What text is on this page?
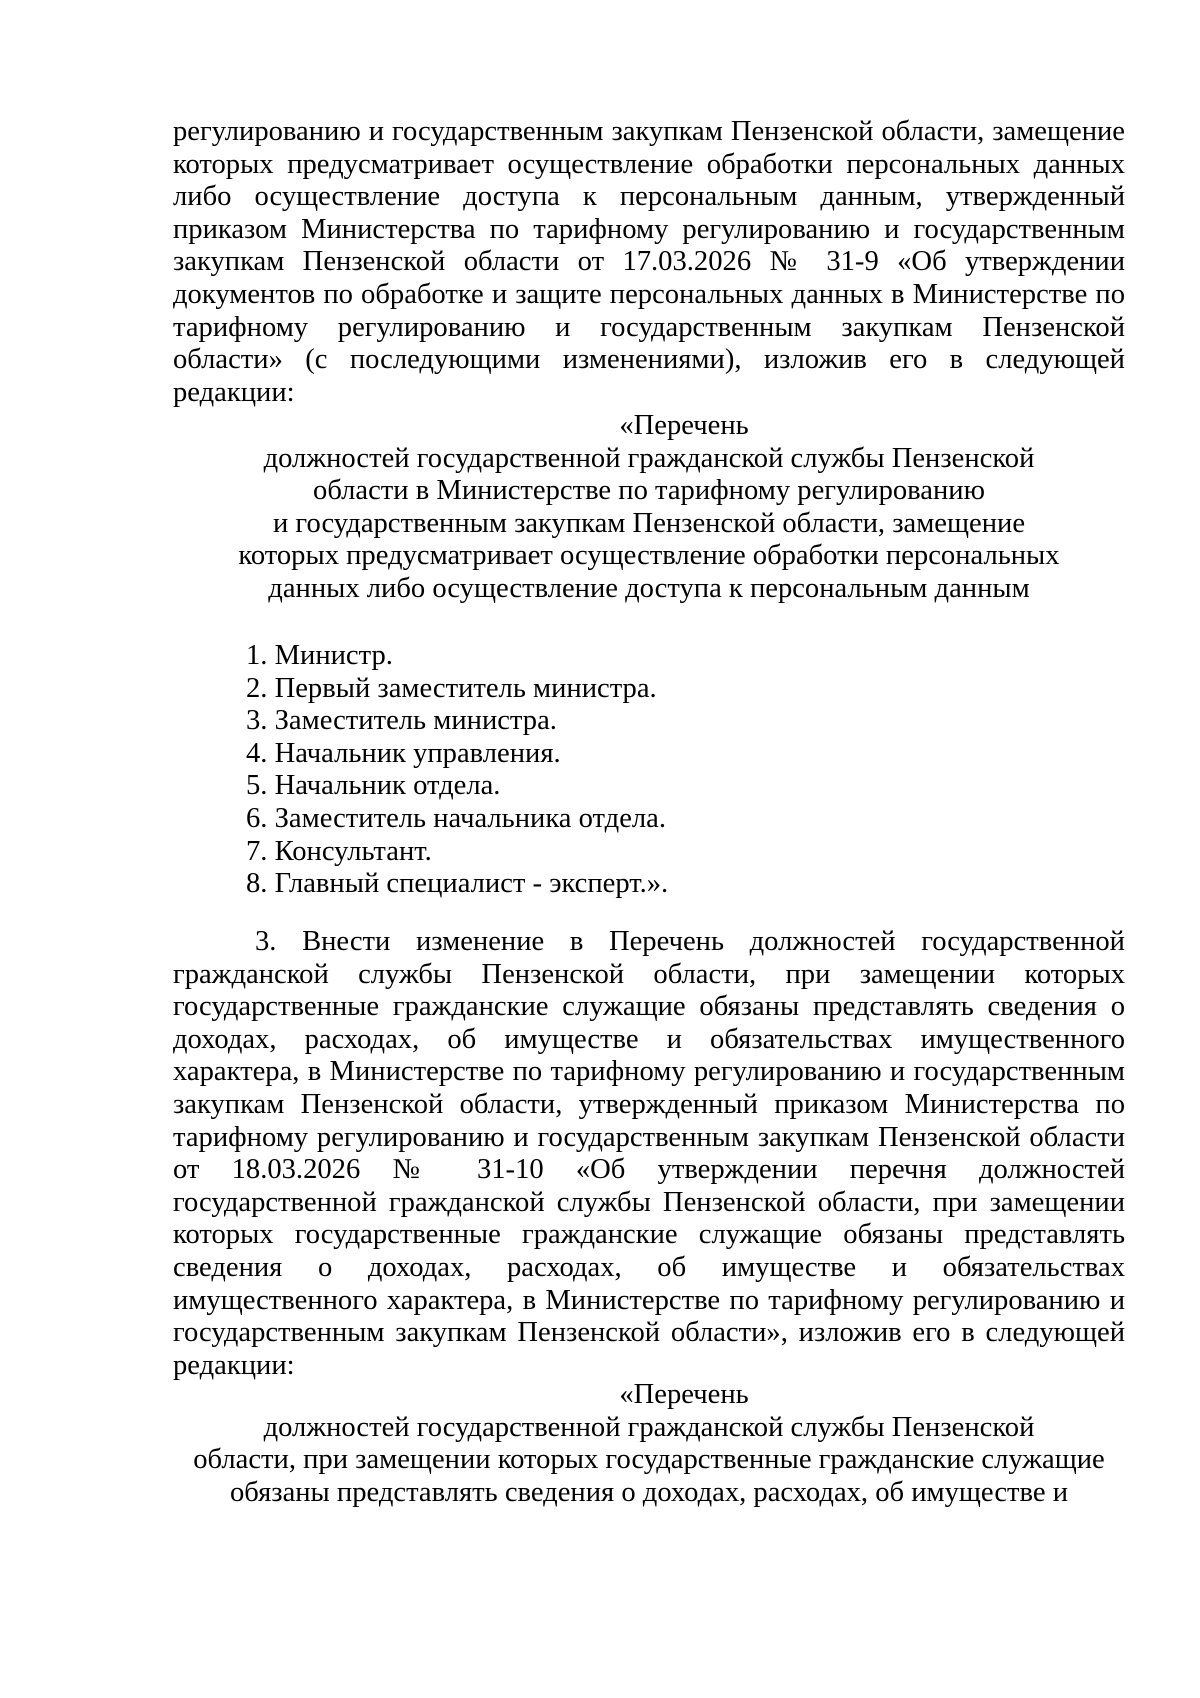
регулированию и государственным закупкам Пензенской области, замещение которых предусматривает осуществление обработки персональных данных либо осуществление доступа к персональным данным, утвержденный приказом Министерства по тарифному регулированию и государственным закупкам Пензенской области от 17.03.2026 № 31-9 «Об утверждении документов по обработке и защите персональных данных в Министерстве по тарифному регулированию и государственным закупкам Пензенской области» (с последующими изменениями), изложив его в следующей редакции:

«Перечень
должностей государственной гражданской службы Пензенской
области в Министерстве по тарифному регулированию
и государственным закупкам Пензенской области, замещение
которых предусматривает осуществление обработки персональных
данных либо осуществление доступа к персональным данным
1. Министр.
2. Первый заместитель министра.
3. Заместитель министра.
4. Начальник управления.
5. Начальник отдела.
6. Заместитель начальника отдела.
7. Консультант.
8. Главный специалист - эксперт.».

3. Внести изменение в Перечень должностей государственной гражданской службы Пензенской области, при замещении которых государственные гражданские служащие обязаны представлять сведения о доходах, расходах, об имуществе и обязательствах имущественного характера, в Министерстве по тарифному регулированию и государственным закупкам Пензенской области, утвержденный приказом Министерства по тарифному регулированию и государственным закупкам Пензенской области от 18.03.2026 № 31-10 «Об утверждении перечня должностей государственной гражданской службы Пензенской области, при замещении которых государственные гражданские служащие обязаны представлять сведения о доходах, расходах, об имуществе и обязательствах имущественного характера, в Министерстве по тарифному регулированию и государственным закупкам Пензенской области», изложив его в следующей редакции:

«Перечень
должностей государственной гражданской службы Пензенской
области, при замещении которых государственные гражданские служащие
обязаны представлять сведения о доходах, расходах, об имуществе и
